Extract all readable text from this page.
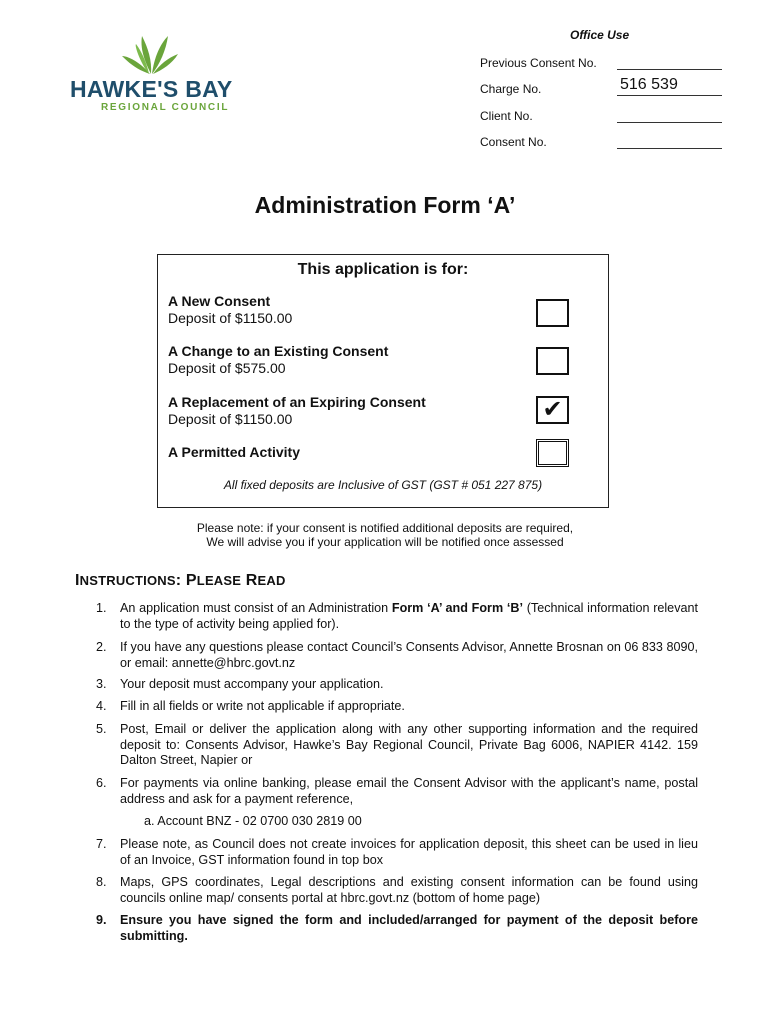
HAWKE'S BAY
REGIONAL COUNCIL
Office Use
Previous Consent No.
Charge No.	516 539
Client No.
Consent No.
Administration Form ‘A’
This application is for:
A New Consent
Deposit of $1150.00
A Change to an Existing Consent
Deposit of $575.00
A Replacement of an Expiring Consent
Deposit of $1150.00	✔
A Permitted Activity
All fixed deposits are Inclusive of GST (GST # 051 227 875)
Please note: if your consent is notified additional deposits are required,
We will advise you if your application will be notified once assessed
INSTRUCTIONS: PLEASE READ
1. An application must consist of an Administration Form ‘A’ and Form ‘B’ (Technical information relevant to the type of activity being applied for).
2. If you have any questions please contact Council’s Consents Advisor, Annette Brosnan on 06 833 8090, or email: annette@hbrc.govt.nz
3. Your deposit must accompany your application.
4. Fill in all fields or write not applicable if appropriate.
5. Post, Email or deliver the application along with any other supporting information and the required deposit to: Consents Advisor, Hawke’s Bay Regional Council, Private Bag 6006, NAPIER 4142. 159 Dalton Street, Napier or
6. For payments via online banking, please email the Consent Advisor with the applicant’s name, postal address and ask for a payment reference,
a. Account BNZ - 02 0700 030 2819 00
7. Please note, as Council does not create invoices for application deposit, this sheet can be used in lieu of an Invoice, GST information found in top box
8. Maps, GPS coordinates, Legal descriptions and existing consent information can be found using councils online map/ consents portal at hbrc.govt.nz (bottom of home page)
9. Ensure you have signed the form and included/arranged for payment of the deposit before submitting.
